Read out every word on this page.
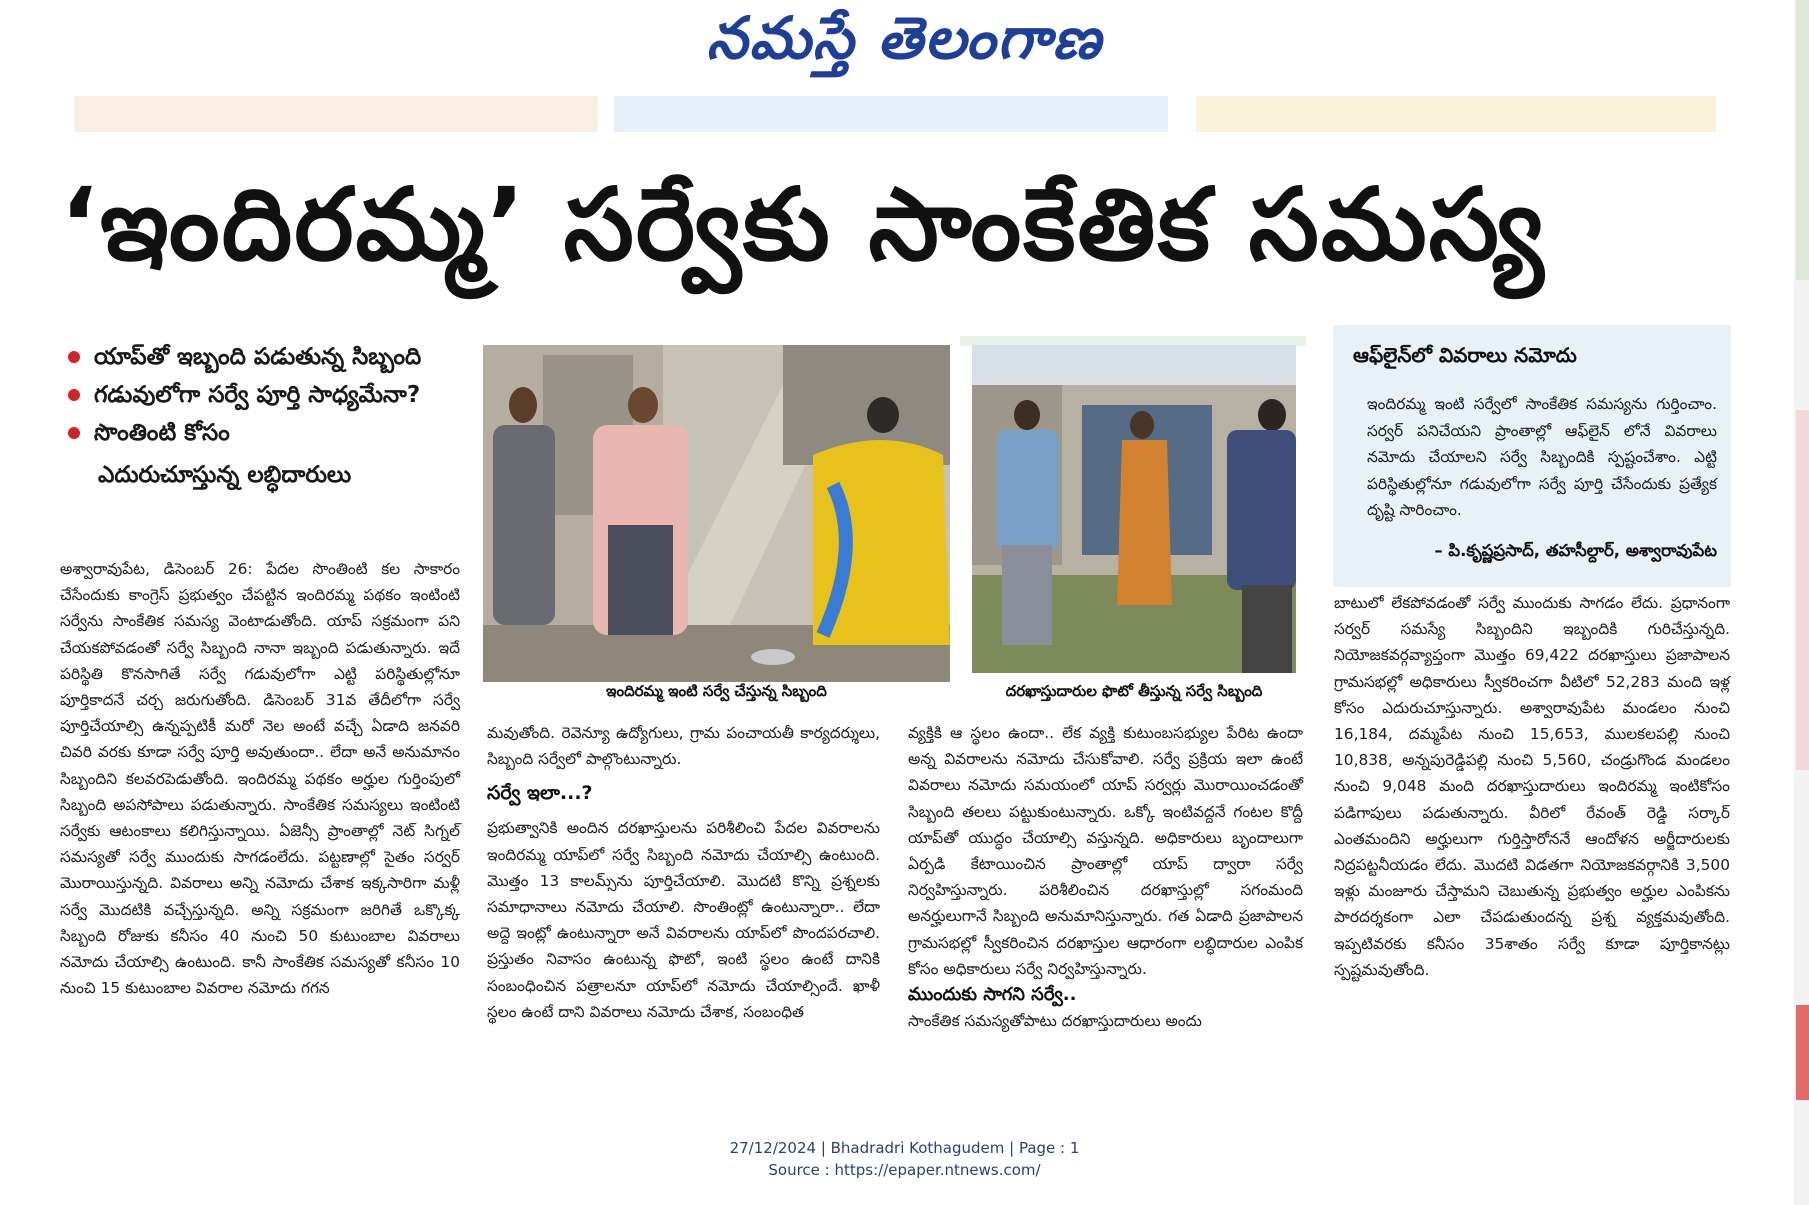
నమస్తే తెలంగాణ
‘ఇందిరమ్మ’ సర్వేకు సాంకేతిక సమస్య
యాప్‌తో ఇబ్బంది పడుతున్న సిబ్బంది
గడువులోగా సర్వే పూర్తి సాధ్యమేనా?
సొంతింటి కోసం
ఎదురుచూస్తున్న లబ్ధిదారులు
ఇందిరమ్మ ఇంటి సర్వే చేస్తున్న సిబ్బంది	దరఖాస్తుదారుల ఫొటో తీస్తున్న సర్వే సిబ్బంది
ఆఫ్‌లైన్‌లో వివరాలు నమోదు
ఇందిరమ్మ ఇంటి సర్వేలో సాంకేతిక సమస్యను గుర్తించాం. సర్వర్ పనిచేయని ప్రాంతాల్లో ఆఫ్‌లైన్ లోనే వివరాలు నమోదు చేయాలని సర్వే సిబ్బందికి స్పష్టంచేశాం. ఎట్టి పరిస్థితుల్లోనూ గడువులోగా సర్వే పూర్తి చేసేందుకు ప్రత్యేక దృష్టి సారించాం.
– పి.కృష్ణప్రసాద్, తహసీల్దార్, అశ్వారావుపేట
అశ్వారావుపేట, డిసెంబర్ 26: పేదల సొంతింటి కల సాకారం చేసేందుకు కాంగ్రెస్ ప్రభుత్వం చేపట్టిన ఇందిరమ్మ పథకం ఇంటింటి సర్వేను సాంకేతిక సమస్య వెంటాడుతోంది. యాప్ సక్రమంగా పని చేయకపోవడంతో సర్వే సిబ్బంది నానా ఇబ్బంది పడుతున్నారు. ఇదే పరిస్థితి కొనసాగితే సర్వే గడువులోగా ఎట్టి పరిస్థితుల్లోనూ పూర్తికాదనే చర్చ జరుగుతోంది. డిసెంబర్ 31వ తేదీలోగా సర్వే పూర్తిచేయాల్సి ఉన్నప్పటికీ మరో నెల అంటే వచ్చే ఏడాది జనవరి చివరి వరకు కూడా సర్వే పూర్తి అవుతుందా.. లేదా అనే అనుమానం సిబ్బందిని కలవరపెడుతోంది. ఇందిరమ్మ పథకం అర్హుల గుర్తింపులో సిబ్బంది అపసోపాలు పడుతున్నారు. సాంకేతిక సమస్యలు ఇంటింటి సర్వేకు ఆటంకాలు కలిగిస్తున్నాయి. ఏజెన్సీ ప్రాంతాల్లో నెట్ సిగ్నల్ సమస్యతో సర్వే ముందుకు సాగడంలేదు. పట్టణాల్లో సైతం సర్వర్ మొరాయిస్తున్నది. వివరాలు అన్ని నమోదు చేశాక ఇక్కసారిగా మళ్లీ సర్వే మొదటికి వచ్చేస్తున్నది. అన్ని సక్రమంగా జరిగితే ఒక్కొక్క సిబ్బంది రోజుకు కనీసం 40 నుంచి 50 కుటుంబాల వివరాలు నమోదు చేయాల్సి ఉంటుంది. కానీ సాంకేతిక సమస్యతో కనీసం 10 నుంచి 15 కుటుంబాల వివరాల నమోదు గగన
మవుతోంది. రెవెన్యూ ఉద్యోగులు, గ్రామ పంచాయతీ కార్యదర్శులు, సిబ్బంది సర్వేలో పాల్గొంటున్నారు.
సర్వే ఇలా...?
ప్రభుత్వానికి అందిన దరఖాస్తులను పరిశీలించి పేదల వివరాలను ఇందిరమ్మ యాప్‌లో సర్వే సిబ్బంది నమోదు చేయాల్సి ఉంటుంది. మొత్తం 13 కాలమ్స్‌ను పూర్తిచేయాలి. మొదటి కొన్ని ప్రశ్నలకు సమాధానాలు నమోదు చేయాలి. సొంతింట్లో ఉంటున్నారా.. లేదా అద్దె ఇంట్లో ఉంటున్నారా అనే వివరాలను యాప్‌లో పొందపరచాలి. ప్రస్తుతం నివాసం ఉంటున్న ఫొటో, ఇంటి స్థలం ఉంటే దానికి సంబంధించిన పత్రాలనూ యాప్‌లో నమోదు చేయాల్సిందే. ఖాళీ స్థలం ఉంటే దాని వివరాలు నమోదు చేశాక, సంబంధిత
వ్యక్తికి ఆ స్థలం ఉందా.. లేక వ్యక్తి కుటుంబసభ్యుల పేరిట ఉందా అన్న వివరాలను నమోదు చేసుకోవాలి. సర్వే ప్రక్రియ ఇలా ఉంటే వివరాలు నమోదు సమయంలో యాప్ సర్వర్లు మొరాయించడంతో సిబ్బంది తలలు పట్టుకుంటున్నారు. ఒక్కో ఇంటివద్దనే గంటల కొద్దీ యాప్‌తో యుద్ధం చేయాల్సి వస్తున్నది. అధికారులు బృందాలుగా ఏర్పడి కేటాయించిన ప్రాంతాల్లో యాప్ ద్వారా సర్వే నిర్వహిస్తున్నారు. పరిశీలించిన దరఖాస్తుల్లో సగంమంది అనర్హులుగానే సిబ్బంది అనుమానిస్తున్నారు. గత ఏడాది ప్రజాపాలన గ్రామసభల్లో స్వీకరించిన దరఖాస్తుల ఆధారంగా లబ్ధిదారుల ఎంపిక కోసం అధికారులు సర్వే నిర్వహిస్తున్నారు.
ముందుకు సాగని సర్వే..
సాంకేతిక సమస్యతోపాటు దరఖాస్తుదారులు అందు
బాటులో లేకపోవడంతో సర్వే ముందుకు సాగడం లేదు. ప్రధానంగా సర్వర్ సమస్యే సిబ్బందిని ఇబ్బందికి గురిచేస్తున్నది. నియోజకవర్గవ్యాప్తంగా మొత్తం 69,422 దరఖాస్తులు ప్రజాపాలన గ్రామసభల్లో అధికారులు స్వీకరించగా వీటిలో 52,283 మంది ఇళ్ల కోసం ఎదురుచూస్తున్నారు. అశ్వారావుపేట మండలం నుంచి 16,184, దమ్మపేట నుంచి 15,653, ములకలపల్లి నుంచి 10,838, అన్నపురెడ్డిపల్లి నుంచి 5,560, చండ్రుగొండ మండలం నుంచి 9,048 మంది దరఖాస్తుదారులు ఇందిరమ్మ ఇంటికోసం పడిగాపులు పడుతున్నారు. వీరిలో రేవంత్ రెడ్డి సర్కార్ ఎంతమందిని అర్హులుగా గుర్తిస్తారోననే ఆందోళన అర్జీదారులకు నిద్రపట్టనీయడం లేదు. మొదటి విడతగా నియోజకవర్గానికి 3,500 ఇళ్లు మంజూరు చేస్తామని చెబుతున్న ప్రభుత్వం అర్హుల ఎంపికను పారదర్శకంగా ఎలా చేపడుతుందన్న ప్రశ్న వ్యక్తమవుతోంది. ఇప్పటివరకు కనీసం 35శాతం సర్వే కూడా పూర్తికానట్లు స్పష్టమవుతోంది.
27/12/2024 | Bhadradri Kothagudem | Page : 1
Source : https://epaper.ntnews.com/
